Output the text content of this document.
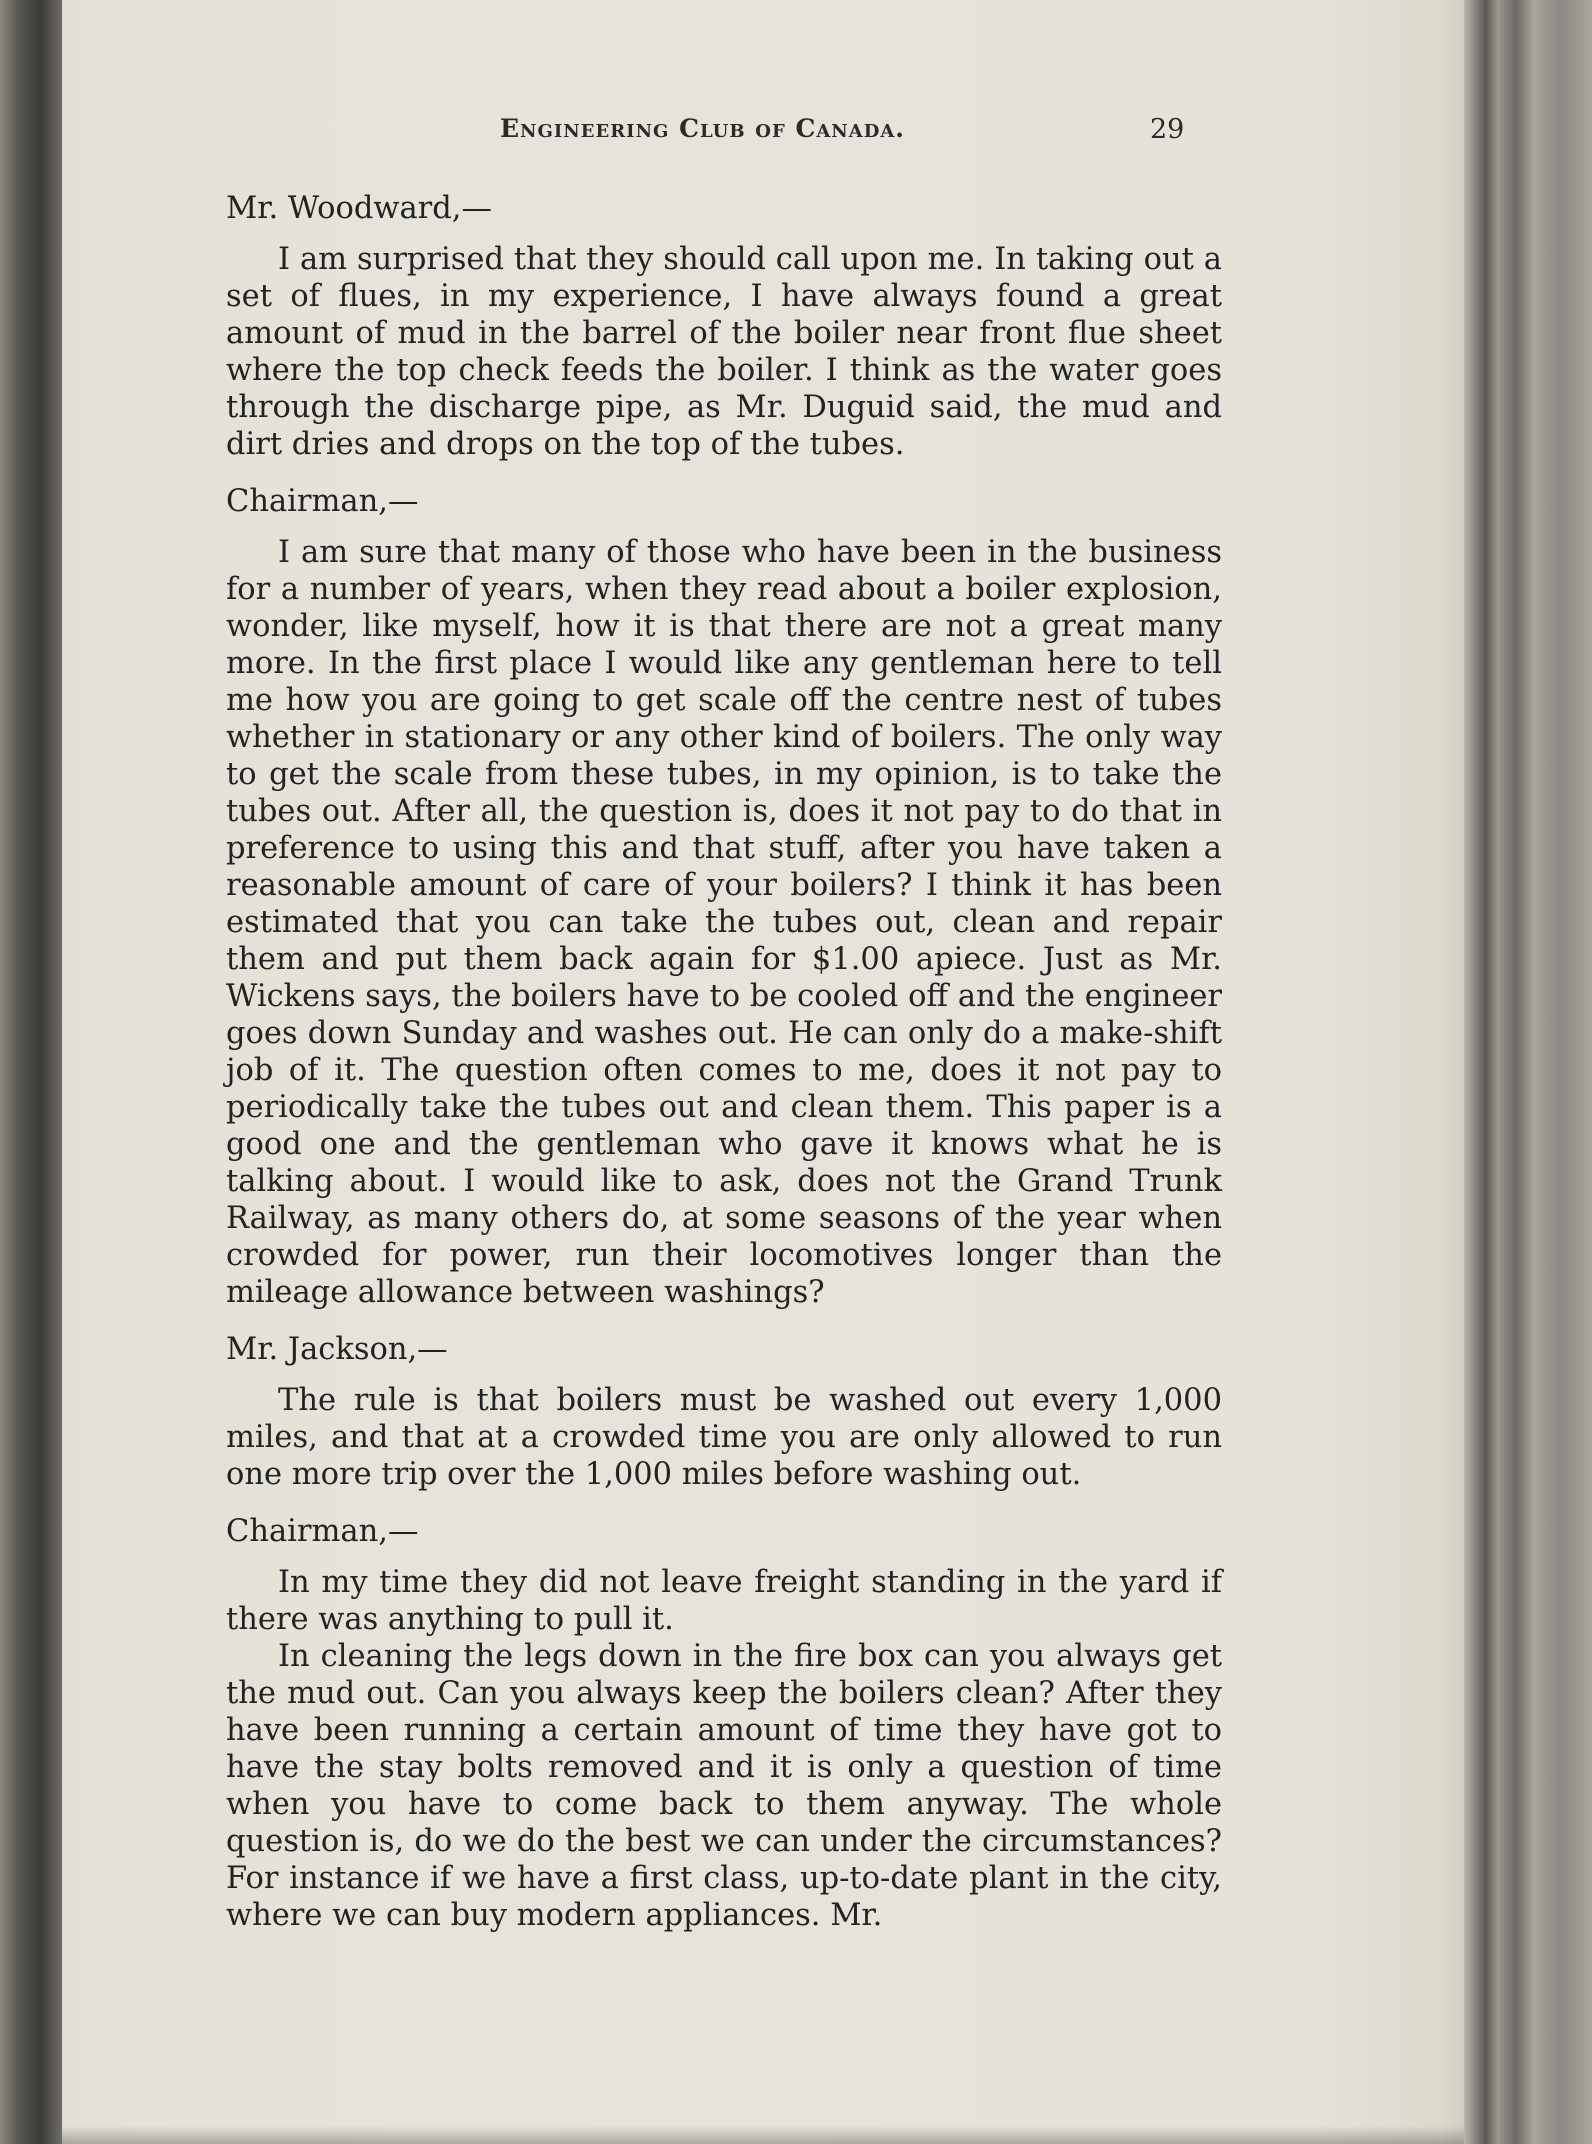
Engineering Club of Canada.	29

Mr. Woodward,—

I am surprised that they should call upon me. In taking out a set of flues, in my experience, I have always found a great amount of mud in the barrel of the boiler near front flue sheet where the top check feeds the boiler. I think as the water goes through the discharge pipe, as Mr. Duguid said, the mud and dirt dries and drops on the top of the tubes.

Chairman,—

I am sure that many of those who have been in the business for a number of years, when they read about a boiler explosion, wonder, like myself, how it is that there are not a great many more. In the first place I would like any gentleman here to tell me how you are going to get scale off the centre nest of tubes whether in stationary or any other kind of boilers. The only way to get the scale from these tubes, in my opinion, is to take the tubes out. After all, the question is, does it not pay to do that in preference to using this and that stuff, after you have taken a reasonable amount of care of your boilers? I think it has been estimated that you can take the tubes out, clean and repair them and put them back again for $1.00 apiece. Just as Mr. Wickens says, the boilers have to be cooled off and the engineer goes down Sunday and washes out. He can only do a make-shift job of it. The question often comes to me, does it not pay to periodically take the tubes out and clean them. This paper is a good one and the gentleman who gave it knows what he is talking about. I would like to ask, does not the Grand Trunk Railway, as many others do, at some seasons of the year when crowded for power, run their locomotives longer than the mileage allowance between washings?

Mr. Jackson,—

The rule is that boilers must be washed out every 1,000 miles, and that at a crowded time you are only allowed to run one more trip over the 1,000 miles before washing out.

Chairman,—

In my time they did not leave freight standing in the yard if there was anything to pull it.

In cleaning the legs down in the fire box can you always get the mud out. Can you always keep the boilers clean? After they have been running a certain amount of time they have got to have the stay bolts removed and it is only a question of time when you have to come back to them anyway. The whole question is, do we do the best we can under the circumstances? For instance if we have a first class, up-to-date plant in the city, where we can buy modern appliances. Mr.
